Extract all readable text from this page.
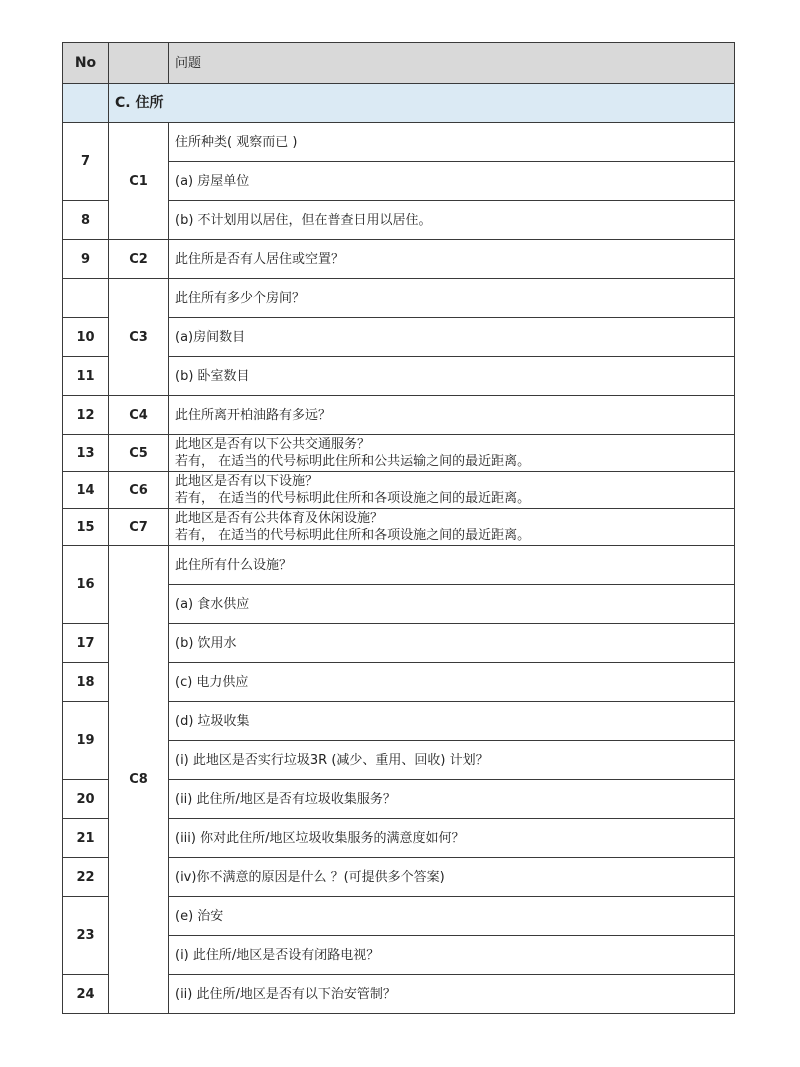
No		问题
	C. 住所	
7	C1	住所种类( 观察而已 )
		(a) 房屋单位
8		(b) 不计划用以居住，但在普查日用以居住。
9	C2	此住所是否有人居住或空置？
	C3	此住所有多少个房间？
10		(a)房间数目
11		(b) 卧室数目
12	C4	此住所离开柏油路有多远？
13	C5	此地区是否有以下公共交通服务？
若有， 在适当的代号标明此住所和公共运输之间的最近距离。

14	C6	此地区是否有以下设施？
若有， 在适当的代号标明此住所和各项设施之间的最近距离。

15	C7	此地区是否有公共体育及休闲设施？
若有， 在适当的代号标明此住所和各项设施之间的最近距离。

16	C8	此住所有什么设施？
		(a) 食水供应
17		(b) 饮用水
18		(c) 电力供应
19		(d) 垃圾收集
		(i) 此地区是否实行垃圾3R (减少、重用、回收) 计划？
20		(ii) 此住所/地区是否有垃圾收集服务？
21		(iii) 你对此住所/地区垃圾收集服务的满意度如何？
22		(iv)你不满意的原因是什么 ？(可提供多个答案)
23		(e) 治安
		(i) 此住所/地区是否设有闭路电视？
24		(ii) 此住所/地区是否有以下治安管制？
